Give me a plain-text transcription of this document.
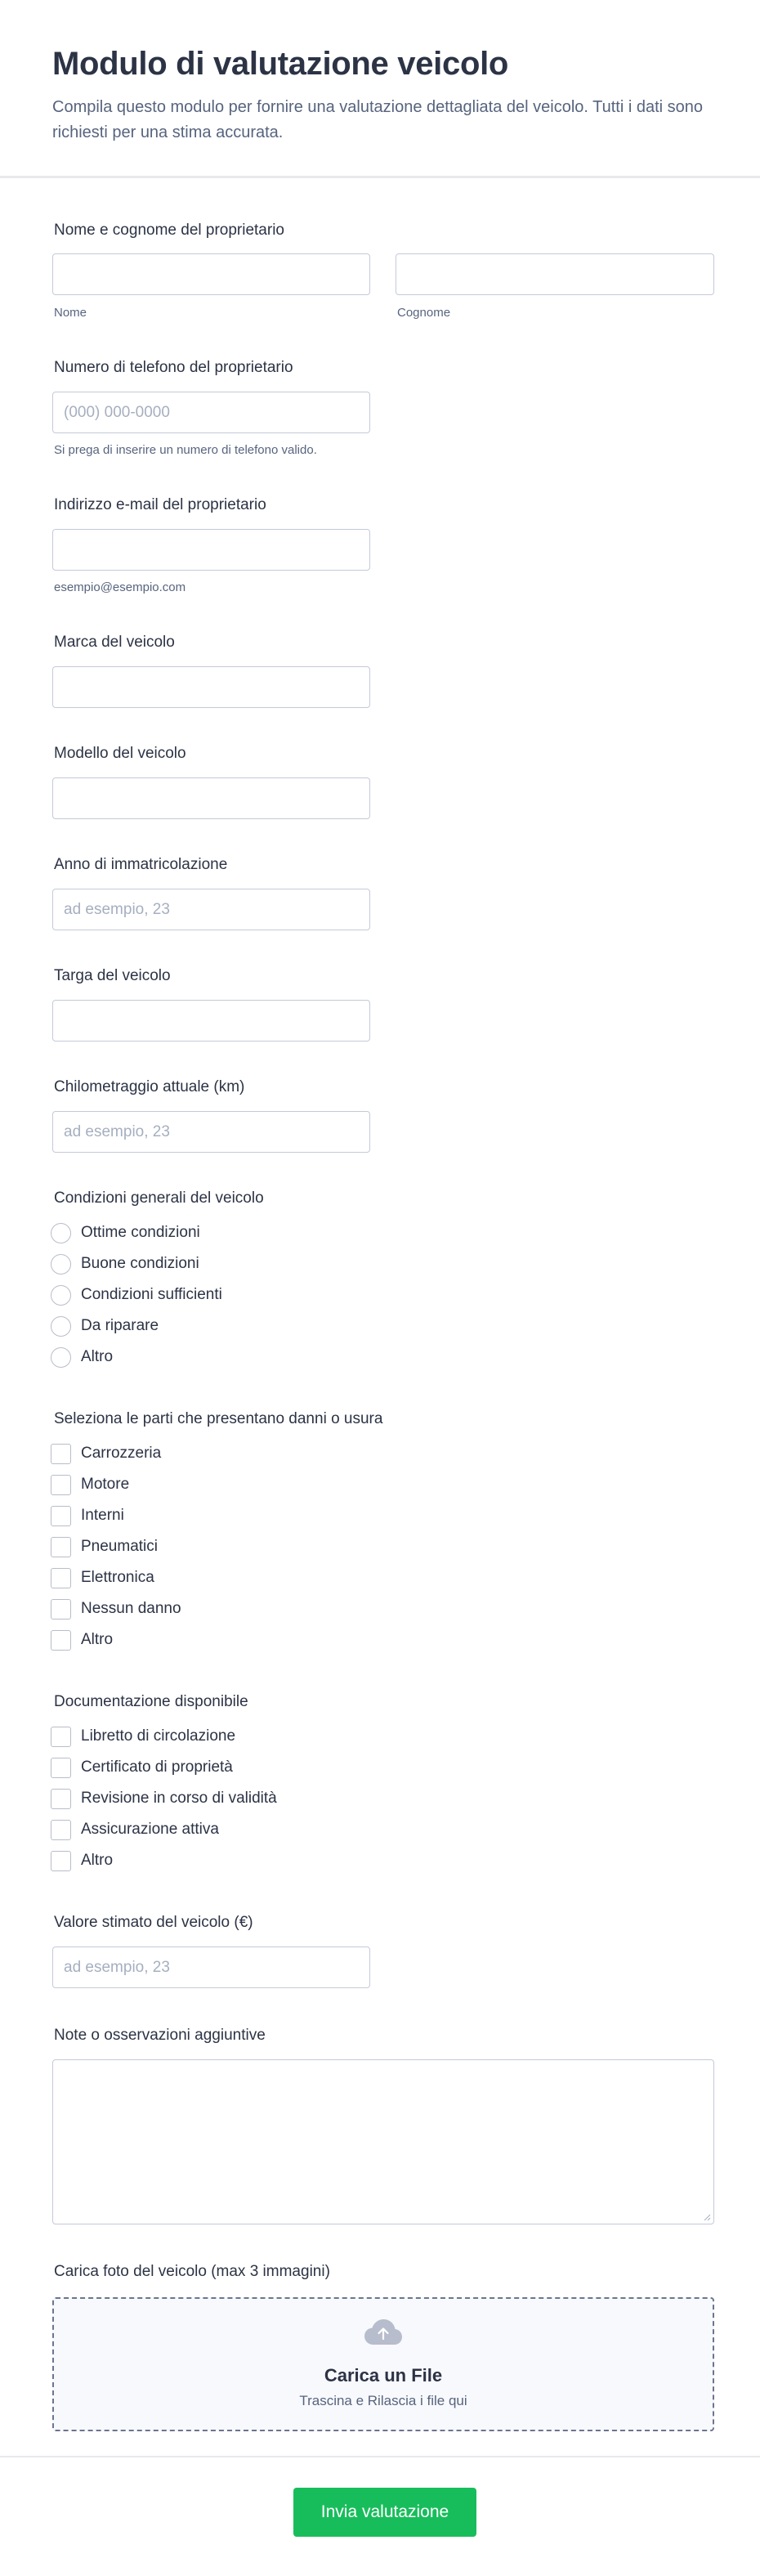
Modulo di valutazione veicolo

Compila questo modulo per fornire una valutazione dettagliata del veicolo. Tutti i dati sono richiesti per una stima accurata.

Nome e cognome del proprietario
Nome	Cognome
Numero di telefono del proprietario
(000) 000-0000
Si prega di inserire un numero di telefono valido.
Indirizzo e-mail del proprietario
esempio@esempio.com
Marca del veicolo
Modello del veicolo
Anno di immatricolazione
ad esempio, 23
Targa del veicolo
Chilometraggio attuale (km)
ad esempio, 23
Condizioni generali del veicolo
Ottime condizioni
Buone condizioni
Condizioni sufficienti
Da riparare
Altro
Seleziona le parti che presentano danni o usura
Carrozzeria
Motore
Interni
Pneumatici
Elettronica
Nessun danno
Altro
Documentazione disponibile
Libretto di circolazione
Certificato di proprietà
Revisione in corso di validità
Assicurazione attiva
Altro
Valore stimato del veicolo (€)
ad esempio, 23
Note o osservazioni aggiuntive
Carica foto del veicolo (max 3 immagini)
Carica un File
Trascina e Rilascia i file qui
Invia valutazione
